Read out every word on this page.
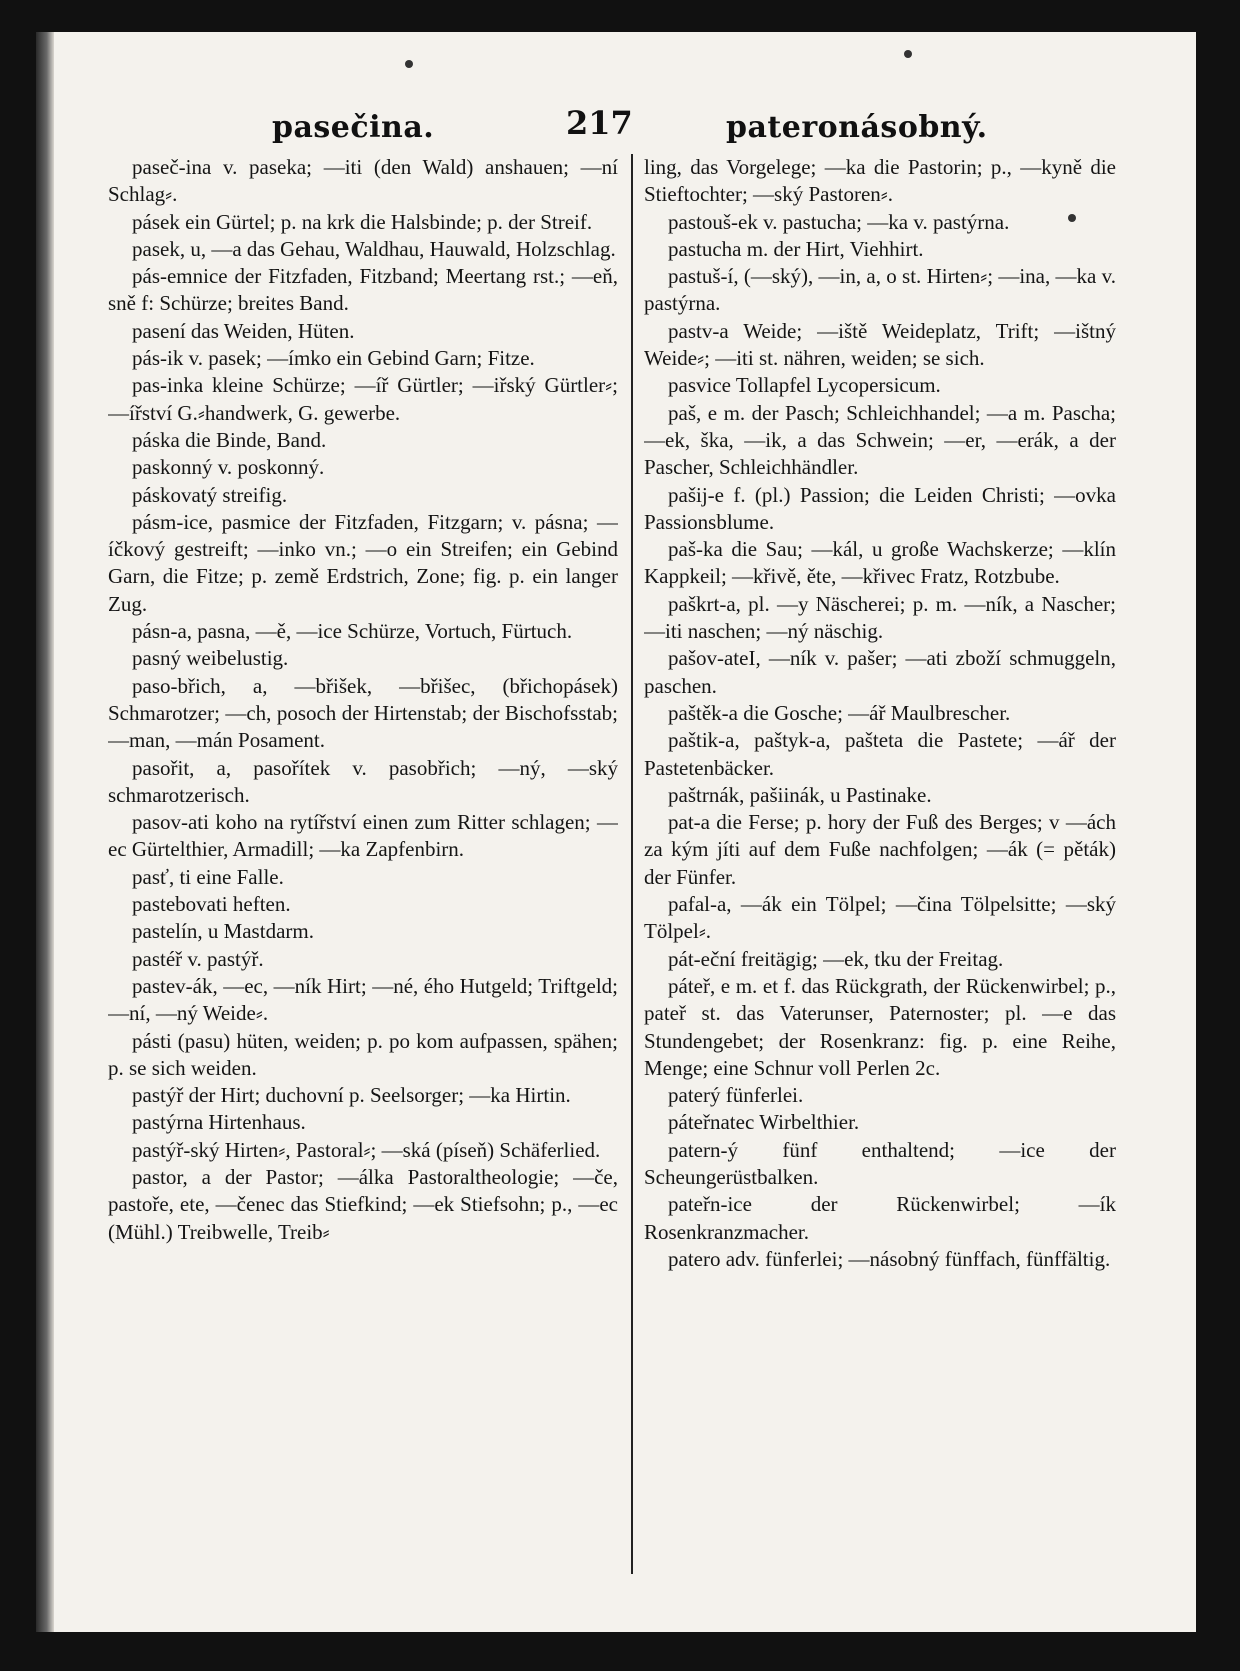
pasečina.	217	pateronásobný.

paseč-ina v. paseka; —iti (den Wald) anshauen; —ní Schlag⸗.

pásek ein Gürtel; p. na krk die Halsbinde; p. der Streif.

pasek, u, —a das Gehau, Waldhau, Hauwald, Holzschlag.

pás-emnice der Fitzfaden, Fitzband; Meertang rst.; —eň, sně f: Schürze; breites Band.

pasení das Weiden, Hüten.

pás-ik v. pasek; —ímko ein Gebind Garn; Fitze.

pas-inka kleine Schürze; —íř Gürtler; —iřský Gürtler⸗; —ířství G.⸗handwerk, G. gewerbe.

páska die Binde, Band.

paskonný v. poskonný.

páskovatý streifig.

pásm-ice, pasmice der Fitzfaden, Fitzgarn; v. pásna; —íčkový gestreift; —inko vn.; —o ein Streifen; ein Gebind Garn, die Fitze; p. země Erdstrich, Zone; fig. p. ein langer Zug.

pásn-a, pasna, —ě, —ice Schürze, Vortuch, Fürtuch.

pasný weibelustig.

paso-břich, a, —břišek, —břišec, (břichopásek) Schmarotzer; —ch, posoch der Hirtenstab; der Bischofsstab; —man, —mán Posament.

pasořit, a, pasořítek v. pasobřich; —ný, —ský schmarotzerisch.

pasov-ati koho na rytířství einen zum Ritter schlagen; —ec Gürtelthier, Armadill; —ka Zapfenbirn.

pasť, ti eine Falle.

pastebovati heften.

pastelín, u Mastdarm.

pastéř v. pastýř.

pastev-ák, —ec, —ník Hirt; —né, ého Hutgeld; Triftgeld; —ní, —ný Weide⸗.

pásti (pasu) hüten, weiden; p. po kom aufpassen, spähen; p. se sich weiden.

pastýř der Hirt; duchovní p. Seelsorger; —ka Hirtin.

pastýrna Hirtenhaus.

pastýř-ský Hirten⸗, Pastoral⸗; —ská (píseň) Schäferlied.

pastor, a der Pastor; —álka Pastoraltheologie; —če, pastoře, ete, —čenec das Stiefkind; —ek Stiefsohn; p., —ec (Mühl.) Treibwelle, Treib⸗

ling, das Vorgelege; —ka die Pastorin; p., —kyně die Stieftochter; —ský Pastoren⸗.

pastouš-ek v. pastucha; —ka v. pastýrna.

pastucha m. der Hirt, Viehhirt.

pastuš-í, (—ský), —in, a, o st. Hirten⸗; —ina, —ka v. pastýrna.

pastv-a Weide; —iště Weideplatz, Trift; —ištný Weide⸗; —iti st. nähren, weiden; se sich.

pasvice Tollapfel Lycopersicum.

paš, e m. der Pasch; Schleichhandel; —a m. Pascha; —ek, ška, —ik, a das Schwein; —er, —erák, a der Pascher, Schleichhändler.

pašij-e f. (pl.) Passion; die Leiden Christi; —ovka Passionsblume.

paš-ka die Sau; —kál, u große Wachskerze; —klín Kappkeil; —křivě, ěte, —křivec Fratz, Rotzbube.

paškrt-a, pl. —y Näscherei; p. m. —ník, a Nascher; —iti naschen; —ný näschig.

pašov-ateI, —ník v. pašer; —ati zboží schmuggeln, paschen.

paštěk-a die Gosche; —ář Maulbrescher.

paštik-a, paštyk-a, pašteta die Pastete; —ář der Pastetenbäcker.

paštrnák, pašiinák, u Pastinake.

pat-a die Ferse; p. hory der Fuß des Berges; v —ách za kým jíti auf dem Fuße nachfolgen; —ák (= pěták) der Fünfer.

pafal-a, —ák ein Tölpel; —čina Tölpelsitte; —ský Tölpel⸗.

pát-eční freitägig; —ek, tku der Freitag.

páteř, e m. et f. das Rückgrath, der Rückenwirbel; p., pateř st. das Vaterunser, Paternoster; pl. —e das Stundengebet; der Rosenkranz: fig. p. eine Reihe, Menge; eine Schnur voll Perlen 2c.

paterý fünferlei.

páteřnatec Wirbelthier.

patern-ý fünf enthaltend; —ice der Scheungerüstbalken.

pateřn-ice der Rückenwirbel; —ík Rosenkranzmacher.

patero adv. fünferlei; —násobný fünffach, fünffältig.
